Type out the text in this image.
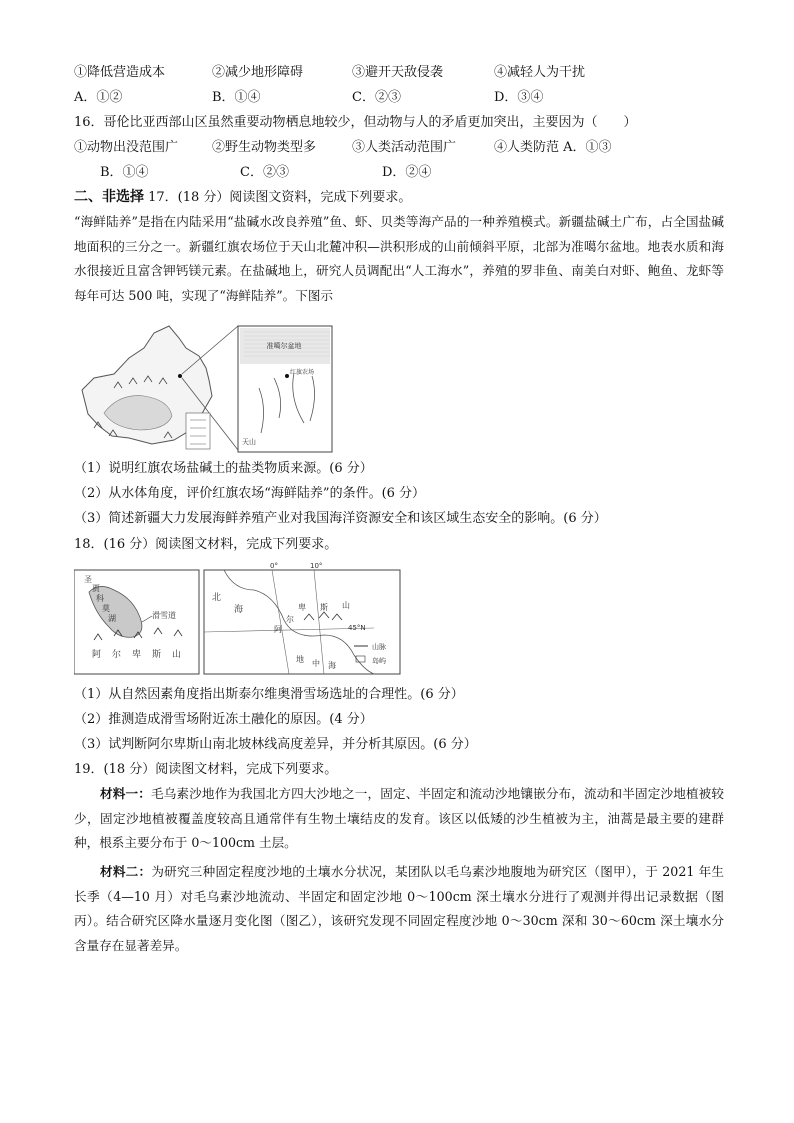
①降低营造成本	②减少地形障碍	③避开天敌侵袭	④减轻人为干扰
A．①②	B．①④	C．②③	D．③④
16．哥伦比亚西部山区虽然重要动物栖息地较少，但动物与人的矛盾更加突出，主要因为（　　）
①动物出没范围广	②野生动物类型多	③人类活动范围广	④人类防范 A．①③
B．①④	C．②③	D．②④
二、非选择 17．(18 分）阅读图文资料，完成下列要求。
“海鲜陆养”是指在内陆采用“盐碱水改良养殖”鱼、虾、贝类等海产品的一种养殖模式。新疆盐碱土广布，占全国盐碱地面积的三分之一。新疆红旗农场位于天山北麓冲积—洪积形成的山前倾斜平原，北部为准噶尔盆地。地表水质和海水很接近且富含钾钙镁元素。在盐碱地上，研究人员调配出“人工海水”，养殖的罗非鱼、南美白对虾、鲍鱼、龙虾等每年可达 500 吨，实现了“海鲜陆养”。下图示
准噶尔盆地
红旗农场
天山
（1）说明红旗农场盐碱土的盐类物质来源。(6 分）
（2）从水体角度，评价红旗农场“海鲜陆养”的条件。(6 分）
（3）简述新疆大力发展海鲜养殖产业对我国海洋资源安全和该区域生态安全的影响。(6 分）
18．(16 分）阅读图文材料，完成下列要求。
圣
贾
科
莫
湖	滑雪道
阿 尔 卑 斯 山
0°	10°
北
海
阿
尔
卑 斯 山
45°N
地 中 海
山脉
岛屿
（1）从自然因素角度指出斯泰尔维奥滑雪场选址的合理性。(6 分）
（2）推测造成滑雪场附近冻土融化的原因。(4 分）
（3）试判断阿尔卑斯山南北坡林线高度差异，并分析其原因。(6 分）
19．(18 分）阅读图文材料，完成下列要求。
材料一：毛乌素沙地作为我国北方四大沙地之一，固定、半固定和流动沙地镶嵌分布，流动和半固定沙地植被较少，固定沙地植被覆盖度较高且通常伴有生物土壤结皮的发育。该区以低矮的沙生植被为主，油蒿是最主要的建群种，根系主要分布于 0～100cm 土层。
材料二：为研究三种固定程度沙地的土壤水分状况，某团队以毛乌素沙地腹地为研究区（图甲），于 2021 年生长季（4—10 月）对毛乌素沙地流动、半固定和固定沙地 0～100cm 深土壤水分进行了观测并得出记录数据（图丙）。结合研究区降水量逐月变化图（图乙），该研究发现不同固定程度沙地 0～30cm 深和 30～60cm 深土壤水分含量存在显著差异。
